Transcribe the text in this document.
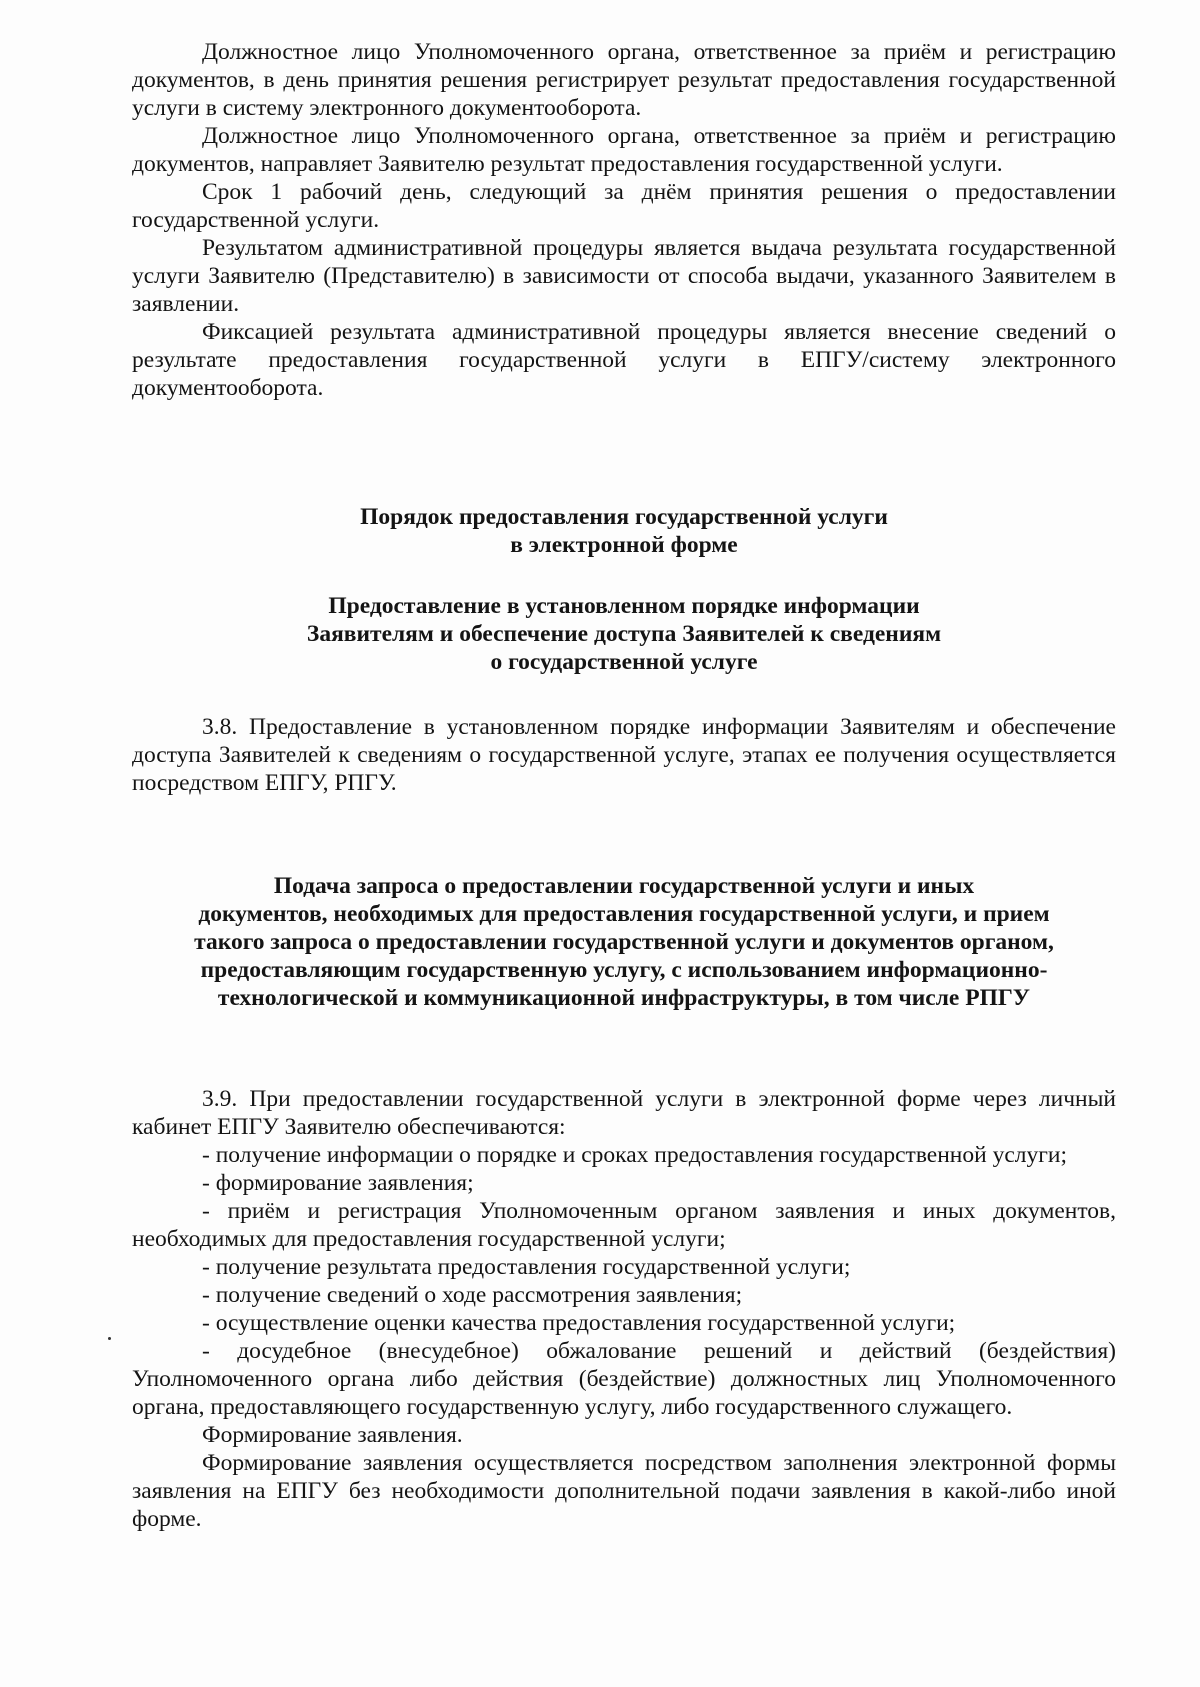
Должностное лицо Уполномоченного органа, ответственное за приём и регистрацию документов, в день принятия решения регистрирует результат предоставления государственной услуги в систему электронного документооборота.

Должностное лицо Уполномоченного органа, ответственное за приём и регистрацию документов, направляет Заявителю результат предоставления государственной услуги.

Срок 1 рабочий день, следующий за днём принятия решения о предоставлении государственной услуги.

Результатом административной процедуры является выдача результата государственной услуги Заявителю (Представителю) в зависимости от способа выдачи, указанного Заявителем в заявлении.

Фиксацией результата административной процедуры является внесение сведений о результате предоставления государственной услуги в ЕПГУ/систему электронного документооборота.

Порядок предоставления государственной услуги

в электронной форме

Предоставление в установленном порядке информации

Заявителям и обеспечение доступа Заявителей к сведениям

о государственной услуге

3.8. Предоставление в установленном порядке информации Заявителям и обеспечение доступа Заявителей к сведениям о государственной услуге, этапах ее получения осуществляется посредством ЕПГУ, РПГУ.

Подача запроса о предоставлении государственной услуги и иных

документов, необходимых для предоставления государственной услуги, и прием

такого запроса о предоставлении государственной услуги и документов органом,

предоставляющим государственную услугу, с использованием информационно-

технологической и коммуникационной инфраструктуры, в том числе РПГУ

3.9. При предоставлении государственной услуги в электронной форме через личный кабинет ЕПГУ Заявителю обеспечиваются:

- получение информации о порядке и сроках предоставления государственной услуги;

- формирование заявления;

- приём и регистрация Уполномоченным органом заявления и иных документов, необходимых для предоставления государственной услуги;

- получение результата предоставления государственной услуги;

- получение сведений о ходе рассмотрения заявления;

- осуществление оценки качества предоставления государственной услуги;

- досудебное (внесудебное) обжалование решений и действий (бездействия) Уполномоченного органа либо действия (бездействие) должностных лиц Уполномоченного органа, предоставляющего государственную услугу, либо государственного служащего.

Формирование заявления.

Формирование заявления осуществляется посредством заполнения электронной формы заявления на ЕПГУ без необходимости дополнительной подачи заявления в какой-либо иной форме.
